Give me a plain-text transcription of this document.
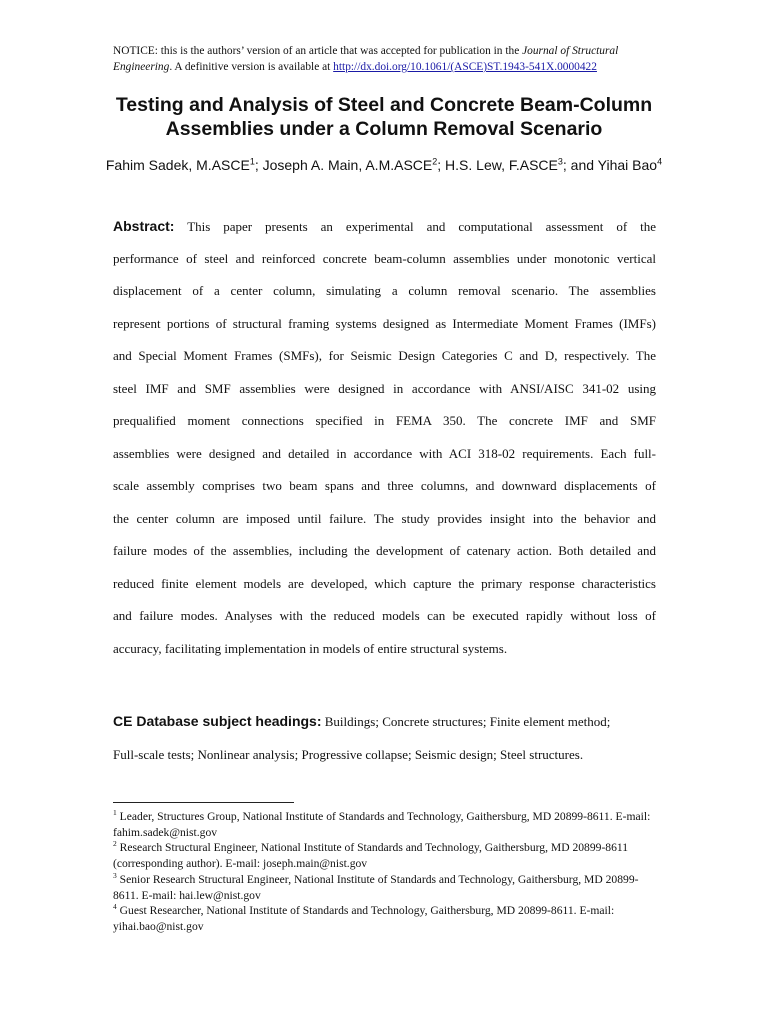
NOTICE: this is the authors’ version of an article that was accepted for publication in the Journal of Structural Engineering. A definitive version is available at http://dx.doi.org/10.1061/(ASCE)ST.1943-541X.0000422
Testing and Analysis of Steel and Concrete Beam-Column Assemblies under a Column Removal Scenario
Fahim Sadek, M.ASCE$^1$; Joseph A. Main, A.M.ASCE$^2$; H.S. Lew, F.ASCE$^3$; and Yihai Bao$^4$
Abstract: This paper presents an experimental and computational assessment of the
performance of steel and reinforced concrete beam-column assemblies under monotonic vertical
displacement of a center column, simulating a column removal scenario. The assemblies
represent portions of structural framing systems designed as Intermediate Moment Frames (IMFs)
and Special Moment Frames (SMFs), for Seismic Design Categories C and D, respectively. The
steel IMF and SMF assemblies were designed in accordance with ANSI/AISC 341-02 using
prequalified moment connections specified in FEMA 350. The concrete IMF and SMF
assemblies were designed and detailed in accordance with ACI 318-02 requirements. Each full-
scale assembly comprises two beam spans and three columns, and downward displacements of
the center column are imposed until failure. The study provides insight into the behavior and
failure modes of the assemblies, including the development of catenary action. Both detailed and
reduced finite element models are developed, which capture the primary response characteristics
and failure modes. Analyses with the reduced models can be executed rapidly without loss of
accuracy, facilitating implementation in models of entire structural systems.
CE Database subject headings: Buildings; Concrete structures; Finite element method;
Full-scale tests; Nonlinear analysis; Progressive collapse; Seismic design; Steel structures.

$^1$ Leader, Structures Group, National Institute of Standards and Technology, Gaithersburg, MD 20899-8611. E-mail: fahim.sadek@nist.gov

$^2$ Research Structural Engineer, National Institute of Standards and Technology, Gaithersburg, MD 20899-8611 (corresponding author). E-mail: joseph.main@nist.gov

$^3$ Senior Research Structural Engineer, National Institute of Standards and Technology, Gaithersburg, MD 20899-8611. E-mail: hai.lew@nist.gov

$^4$ Guest Researcher, National Institute of Standards and Technology, Gaithersburg, MD 20899-8611. E-mail: yihai.bao@nist.gov
